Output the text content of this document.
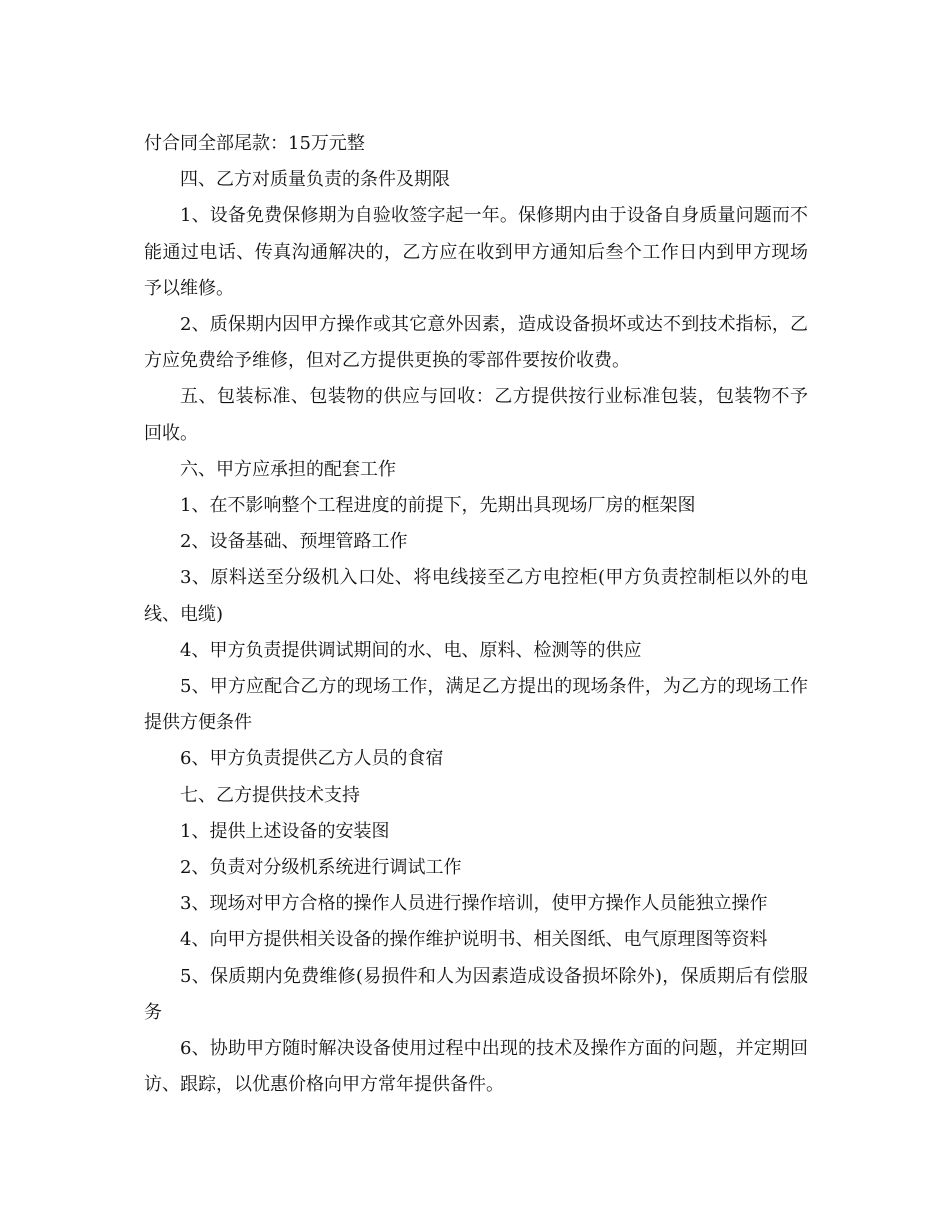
付合同全部尾款：15万元整

四、乙方对质量负责的条件及期限

1、设备免费保修期为自验收签字起一年。保修期内由于设备自身质量问题而不能通过电话、传真沟通解决的，乙方应在收到甲方通知后叁个工作日内到甲方现场予以维修。

2、质保期内因甲方操作或其它意外因素，造成设备损坏或达不到技术指标，乙方应免费给予维修，但对乙方提供更换的零部件要按价收费。

五、包装标准、包装物的供应与回收：乙方提供按行业标准包装，包装物不予回收。

六、甲方应承担的配套工作

1、在不影响整个工程进度的前提下，先期出具现场厂房的框架图

2、设备基础、预埋管路工作

3、原料送至分级机入口处、将电线接至乙方电控柜(甲方负责控制柜以外的电线、电缆)

4、甲方负责提供调试期间的水、电、原料、检测等的供应

5、甲方应配合乙方的现场工作，满足乙方提出的现场条件，为乙方的现场工作提供方便条件

6、甲方负责提供乙方人员的食宿

七、乙方提供技术支持

1、提供上述设备的安装图

2、负责对分级机系统进行调试工作

3、现场对甲方合格的操作人员进行操作培训，使甲方操作人员能独立操作

4、向甲方提供相关设备的操作维护说明书、相关图纸、电气原理图等资料

5、保质期内免费维修(易损件和人为因素造成设备损坏除外)，保质期后有偿服务

6、协助甲方随时解决设备使用过程中出现的技术及操作方面的问题，并定期回访、跟踪，以优惠价格向甲方常年提供备件。
